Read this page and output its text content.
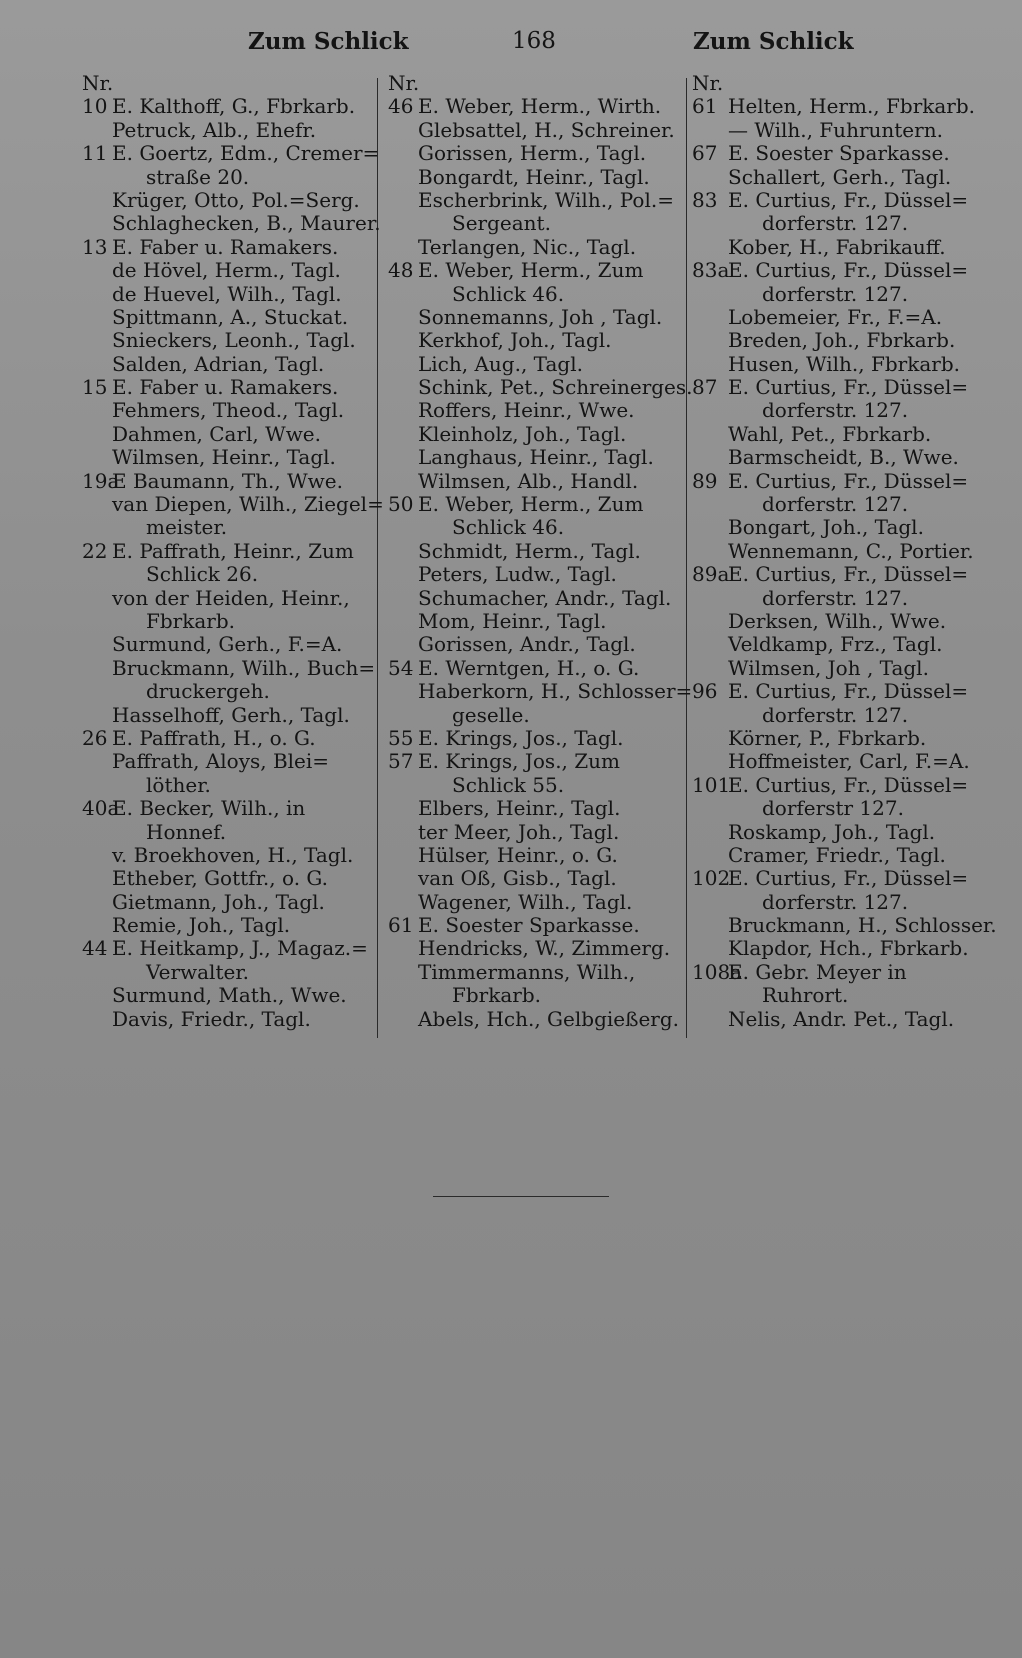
Zum Schlick	168	Zum Schlick
Nr.
10 E. Kalthoff, G., Fbrkarb.
Petruck, Alb., Ehefr.
11 E. Goertz, Edm., Cremer=
straße 20.
Krüger, Otto, Pol.=Serg.
Schlaghecken, B., Maurer.
13 E. Faber u. Ramakers.
de Hövel, Herm., Tagl.
de Huevel, Wilh., Tagl.
Spittmann, A., Stuckat.
Snieckers, Leonh., Tagl.
Salden, Adrian, Tagl.
15 E. Faber u. Ramakers.
Fehmers, Theod., Tagl.
Dahmen, Carl, Wwe.
Wilmsen, Heinr., Tagl.
19a
E Baumann, Th., Wwe.
van Diepen, Wilh., Ziegel=
meister.
22 E. Paffrath, Heinr., Zum
Schlick 26.
von der Heiden, Heinr.,
Fbrkarb.
Surmund, Gerh., F.=A.
Bruckmann, Wilh., Buch=
druckergeh.
Hasselhoff, Gerh., Tagl.
26 E. Paffrath, H., o. G.
Paffrath, Aloys, Blei=
löther.
40a
E. Becker, Wilh., in
Honnef.
v. Broekhoven, H., Tagl.
Etheber, Gottfr., o. G.
Gietmann, Joh., Tagl.
Remie, Joh., Tagl.
44 E. Heitkamp, J., Magaz.=
Verwalter.
Surmund, Math., Wwe.
Davis, Friedr., Tagl.
Nr.
46 E. Weber, Herm., Wirth.
Glebsattel, H., Schreiner.
Gorissen, Herm., Tagl.
Bongardt, Heinr., Tagl.
Escherbrink, Wilh., Pol.=
Sergeant.
Terlangen, Nic., Tagl.
48 E. Weber, Herm., Zum
Schlick 46.
Sonnemanns, Joh , Tagl.
Kerkhof, Joh., Tagl.
Lich, Aug., Tagl.
Schink, Pet., Schreinerges.
Roffers, Heinr., Wwe.
Kleinholz, Joh., Tagl.
Langhaus, Heinr., Tagl.
Wilmsen, Alb., Handl.
50 E. Weber, Herm., Zum
Schlick 46.
Schmidt, Herm., Tagl.
Peters, Ludw., Tagl.
Schumacher, Andr., Tagl.
Mom, Heinr., Tagl.
Gorissen, Andr., Tagl.
54 E. Werntgen, H., o. G.
Haberkorn, H., Schlosser=
geselle.
55 E. Krings, Jos., Tagl.
57 E. Krings, Jos., Zum
Schlick 55.
Elbers, Heinr., Tagl.
ter Meer, Joh., Tagl.
Hülser, Heinr., o. G.
van Oß, Gisb., Tagl.
Wagener, Wilh., Tagl.
61 E. Soester Sparkasse.
Hendricks, W., Zimmerg.
Timmermanns, Wilh.,
Fbrkarb.
Abels, Hch., Gelbgießerg.
Nr.
61 Helten, Herm., Fbrkarb.
— Wilh., Fuhruntern.
67 E. Soester Sparkasse.
Schallert, Gerh., Tagl.
83 E. Curtius, Fr., Düssel=
dorferstr. 127.
Kober, H., Fabrikauff.
83a
E. Curtius, Fr., Düssel=
dorferstr. 127.
Lobemeier, Fr., F.=A.
Breden, Joh., Fbrkarb.
Husen, Wilh., Fbrkarb.
87 E. Curtius, Fr., Düssel=
dorferstr. 127.
Wahl, Pet., Fbrkarb.
Barmscheidt, B., Wwe.
89 E. Curtius, Fr., Düssel=
dorferstr. 127.
Bongart, Joh., Tagl.
Wennemann, C., Portier.
89a
E. Curtius, Fr., Düssel=
dorferstr. 127.
Derksen, Wilh., Wwe.
Veldkamp, Frz., Tagl.
Wilmsen, Joh , Tagl.
96 E. Curtius, Fr., Düssel=
dorferstr. 127.
Körner, P., Fbrkarb.
Hoffmeister, Carl, F.=A.
101
E. Curtius, Fr., Düssel=
dorferstr 127.
Roskamp, Joh., Tagl.
Cramer, Friedr., Tagl.
102
E. Curtius, Fr., Düssel=
dorferstr. 127.
Bruckmann, H., Schlosser.
Klapdor, Hch., Fbrkarb.
108a
E. Gebr. Meyer in
Ruhrort.
Nelis, Andr. Pet., Tagl.
